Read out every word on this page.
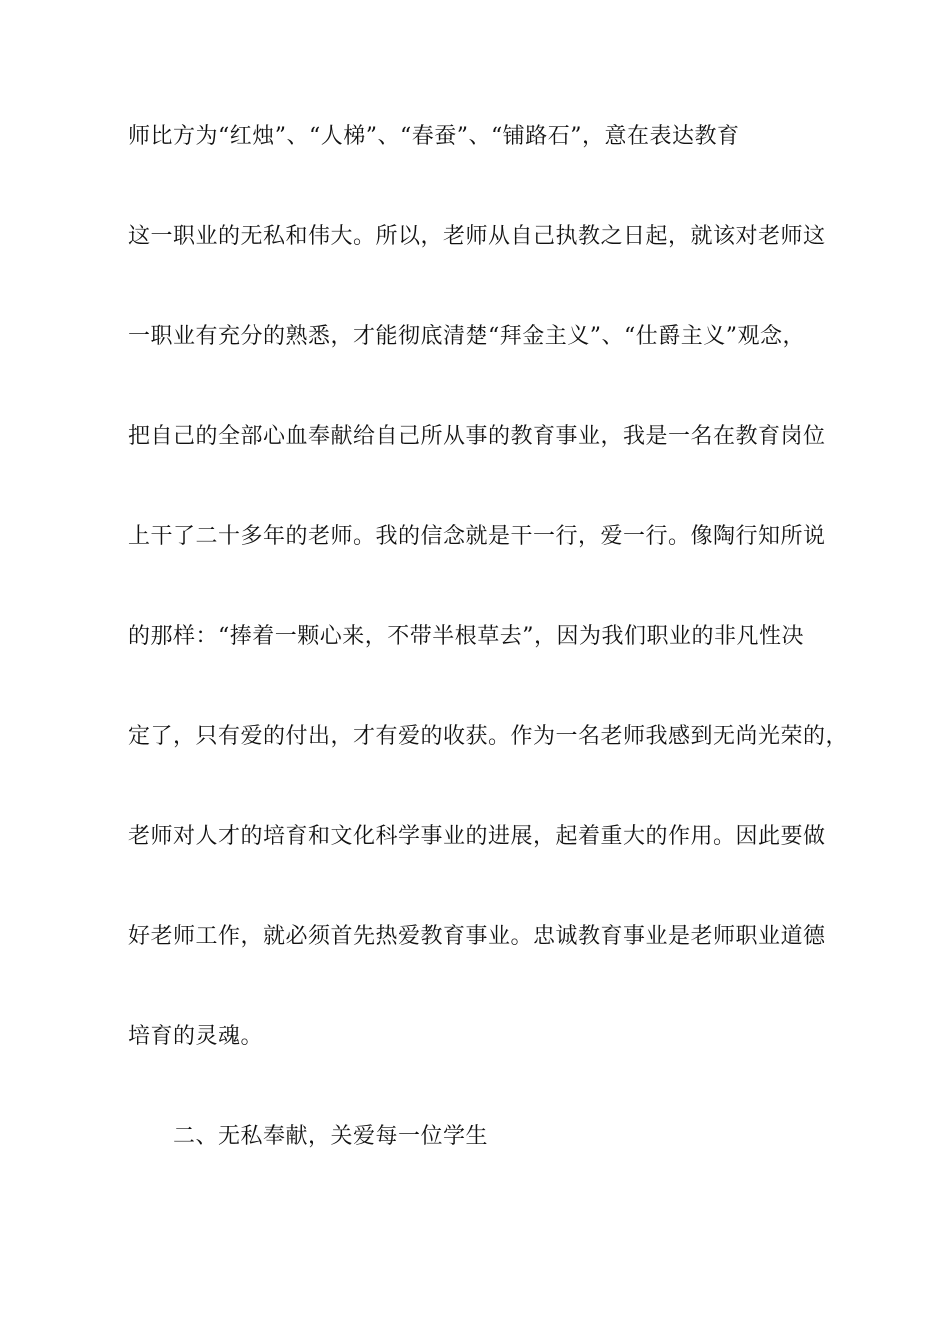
师比方为“红烛”、“人梯”、“春蚕”、“铺路石”，意在表达教育
这一职业的无私和伟大。所以，老师从自己执教之日起，就该对老师这
一职业有充分的熟悉，才能彻底清楚“拜金主义”、“仕爵主义”观念，
把自己的全部心血奉献给自己所从事的教育事业，我是一名在教育岗位
上干了二十多年的老师。我的信念就是干一行，爱一行。像陶行知所说
的那样：“捧着一颗心来，不带半根草去”，因为我们职业的非凡性决
定了，只有爱的付出，才有爱的收获。作为一名老师我感到无尚光荣的，
老师对人才的培育和文化科学事业的进展，起着重大的作用。因此要做
好老师工作，就必须首先热爱教育事业。忠诚教育事业是老师职业道德
培育的灵魂。
二、无私奉献，关爱每一位学生
